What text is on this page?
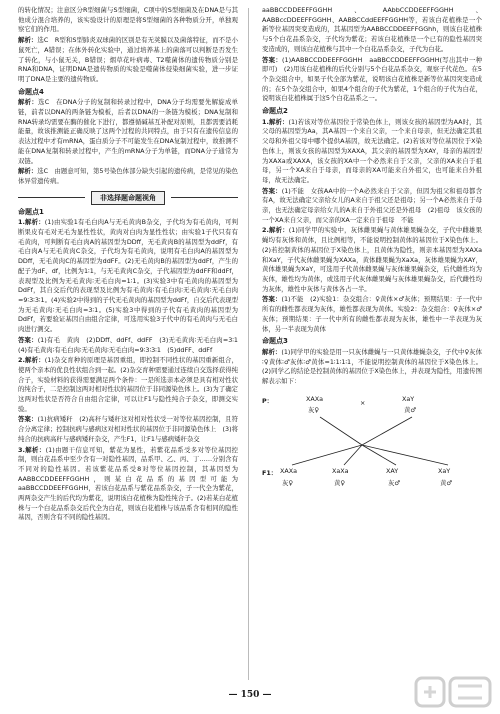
的转化情况；注意区分R型细菌与S型细菌，C项中的S型细菌及在DNA是与其他成分混合培养的，该实验设计的原理是将S型细菌的各种物质分开，单独观察它们的作用。

解析：选C　R型和S型肺炎双球菌的区别是有无荚膜以及菌落特征，而不是小鼠死亡，A错误；在体外转化实验中，通过培养基上的菌落可以判断是否发生了转化，与小鼠无关，B错误；烟草花叶病毒、T2噬菌体的遗传物质分别是RNA和DNA，证明DNA是遗传物质的实验是噬菌体侵染细菌实验，进一步证明了DNA是主要的遗传物质。

命题点4

解析：选C　在DNA分子的复制和转录过程中，DNA分子均需要先解旋成单链，前者以DNA的两条链为模板，后者以DNA的一条链为模板；DNA复制和RNA转录均需要在酶的催化下进行，都遵循碱基互补配对原则，且都需要消耗能量，故该推测能正确反映了这两个过程的共同特点，由于只有在遗传信息的表达过程中才有mRNA，蛋白质分子不可能发生在DNA复制过程中，故推测不能在DNA复制和转录过程中，产生的mRNA分子为单链，而DNA分子通常为双链。

解析：选C　由题意可知，第5号染色体部分缺失引起的遗传病，是常见的染色体异常遗传病。

非选择题命题视角

命题点1

1.解析：(1)由实验1有毛白肉A与无毛黄肉B杂交，子代均为有毛黄肉，可判断果皮有毛对无毛为显性性状，黄肉对白肉为显性性状；由实验1子代只有有毛黄肉，可判断有毛白肉A的基因型为DDff，无毛黄肉B的基因型为ddFf，有毛白肉A与无毛黄肉C杂交，子代均为有毛黄肉，说明有毛白肉A的基因型为DDff，无毛黄肉C的基因型为ddFF。(2)无毛黄肉B的基因型为ddFf，产生的配子为dF、df，比例为1∶1，与无毛黄肉C杂交，子代基因型为ddFF和ddFf，表现型及比例为无毛黄肉∶无毛白肉=1∶1。(3)实验3中有毛黄肉的基因型为DdFf，其自交后代的表现型及比例为有毛黄肉∶有毛白肉∶无毛黄肉∶无毛白肉=9∶3∶3∶1。(4)实验2中得到的子代无毛黄肉的基因型为ddFf，自交后代表现型为无毛黄肉∶无毛白肉=3∶1。(5)实验3中得到的子代有毛黄肉的基因型为DdFf，若要验证基因自由组合定律，可选用实验3子代中的有毛黄肉与无毛白肉进行测交。

答案：(1)有毛　黄肉　(2)DDff、ddFf、ddFF　(3)无毛黄肉∶无毛白肉=3∶1　(4)有毛黄肉∶有毛白肉∶无毛黄肉∶无毛白肉=9∶3∶3∶1　(5)ddFF、ddFf

2.解析：(1)杂交育种的原理是基因重组，即控制不同性状的基因重新组合，使两个亲本的优良性状组合到一起。(2)杂交育种需要通过连续自交选择获得纯合子，实验材料的获得需要满足两个条件：一是所选亲本必须是具有相对性状的纯合子，二是控制这两对相对性状的基因位于非同源染色体上。(3)为了确定这两对性状是否符合自由组合定律，可以让F1与隐性纯合子杂交，即测交实验。

答案：(1)抗病矮秆　(2)高秆与矮秆这对相对性状受一对等位基因控制，且符合分离定律；控制抗病与感病这对相对性状的基因位于非同源染色体上　(3)将纯合的抗病高秆与感病矮秆杂交，产生F1，让F1与感病矮秆杂交

3.解析：(1)由题干信息可知，紫花为显性，若紫花品系受多对等位基因控制，则白花品系中至少含有一对隐性基因，品系甲、乙、丙、丁……分别含有不同对的隐性基因。若该紫花品系受8对等位基因控制，其基因型为AABBCCDDEEFFGGHH，则某白花品系的基因型可能为aaBBCCDDEEFFGGHH，若该白花品系与紫花品系杂交，子一代全为紫花，两两杂交产生的后代均为紫花，说明该白花植株为隐性纯合子。(2)若某白花植株与一个白花品系杂交后代全为白花，则该白花植株与该品系含有相同的隐性基因，否则含有不同的隐性基因。

aaBBCCDDEEFFGGHH、AAbbCCDDEEFFGGHH、AABBccDDEEFFGGHH、AABBCCddEEFFGGHH等，若该白花植株是一个新等位基因突变造成的，其基因型为AABBCCDDEEFFGGhh，则该白花植株与5个白花品系杂交，子代均为紫花；若该白花植株是一个已有的隐性基因突变造成的，则该白花植株与其中一个白花品系杂交，子代为白花。

答案：(1)AABBCCDDEEFFGGHH　aaBBCCDDEEFFGGHH(写出其中一种即可)　(2)用该白花植株的后代分别与5个白花品系杂交，观察子代花色。在5个杂交组合中，如果子代全部为紫花，说明该白花植株是新等位基因突变造成的；在5个杂交组合中，如果4个组合的子代为紫花，1个组合的子代为白花，说明该白花植株属于这5个白花品系之一。

命题点2

1.解析：(1)若该对等位基因位于常染色体上，则该女孩的基因型为AA时，其父母的基因型为Aa，其A基因一个来自父亲，一个来自母亲，但无法确定其祖父母和外祖父母中哪个提供A基因，故无法确定。(2)若该对等位基因位于X染色体上，则该女孩的基因型为XAXA，其父亲的基因型为XAY，母亲的基因型为XAXa或XAXA，该女孩的XA中一个必然来自于父亲，父亲的XA来自于祖母，另一个XA来自于母亲，而母亲的XA可能来自外祖父，也可能来自外祖母，故无法确定。

答案：(1)不能　女孩AA中的一个A必然来自于父亲，但因为祖父和祖母都含有A，故无法确定父亲给女儿的A来自于祖父还是祖母；另一个A必然来自于母亲，也无法确定母亲给女儿的A来自于外祖父还是外祖母　(2)祖母　该女孩的一个XA来自父亲，而父亲的XA一定来自于祖母　不能

2.解析：(1)同学甲的实验中，灰体雌果蝇与黄体雄果蝇杂交，子代中雌雄果蝇均有灰体和黄体，且比例相等，不能说明控制黄体的基因位于X染色体上。(2)若控制黄体的基因位于X染色体上，且黄体为隐性，则亲本基因型为XAXa和XaY，子代灰体雌果蝇为XAXa，黄体雌果蝇为XaXa，灰体雄果蝇为XAY，黄体雄果蝇为XaY，可选用子代黄体雌果蝇与灰体雄果蝇杂交，后代雌性均为灰体，雄性均为黄体，或选用子代灰体雌果蝇与灰体雄果蝇杂交，后代雌性均为灰体，雄性中灰体与黄体各占一半。

答案：(1)不能　(2)实验1：杂交组合：♀黄体×♂灰体；预期结果：子一代中所有的雌性都表现为灰体，雄性都表现为黄体。实验2：杂交组合：♀灰体×♂灰体；预期结果：子一代中所有的雌性都表现为灰体，雄性中一半表现为灰体，另一半表现为黄体

命题点3

解析：(1)同学甲的实验是用一只灰体雌蝇与一只黄体雄蝇杂交，子代中♀灰体∶♀黄体∶♂灰体∶♂黄体=1∶1∶1∶1，不能说明控制黄体的基因位于X染色体上。(2)同学乙的结论是控制黄体的基因位于X染色体上，并表现为隐性，用遗传图解表示如下：

P：	XAXa
灰♀
×	XaY
黄♂
F1： XAXa
灰♀
XaXa
黄♀
XAY
灰♂
XaY
黄♂
— 150 —
